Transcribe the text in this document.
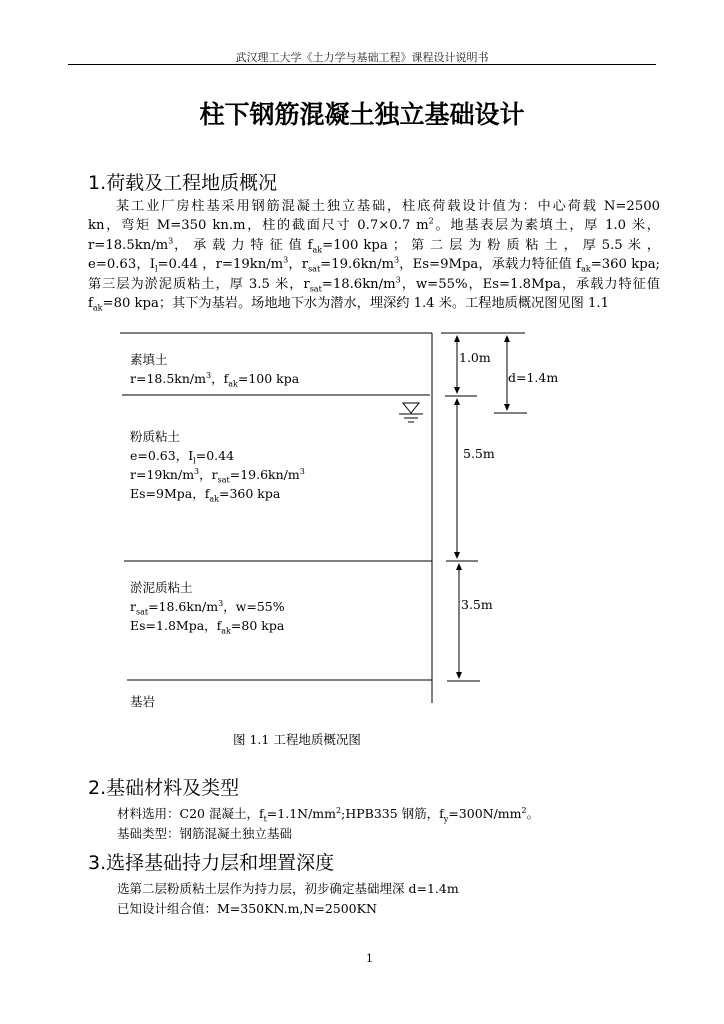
武汉理工大学《土力学与基础工程》课程设计说明书
柱下钢筋混凝土独立基础设计
1.荷载及工程地质概况
某工业厂房柱基采用钢筋混凝土独立基础，柱底荷载设计值为：中心荷载 N=2500
kn，弯矩 M=350 kn.m，柱的截面尺寸 0.7×0.7 $m^2$。地基表层为素填土，厚 1.0 米，
$r=18.5kn/m^3$， 承 载 力 特 征 值 $f_{ak}=100$ kpa ； 第 二 层 为 粉 质 粘 土 ， 厚 5.5 米 ，
e=0.63，$I_l=0.44$ ，$r=19kn/m^3$，$r_{sat}=19.6kn/m^3$，Es=9Mpa，承载力特征值 $f_{ak}=360$ kpa;
第三层为淤泥质粘土，厚 3.5 米，$r_{sat}=18.6kn/m^3$，w=55%，Es=1.8Mpa，承载力特征值
$f_{ak}=80$ kpa；其下为基岩。场地地下水为潜水，埋深约 1.4 米。工程地质概况图见图 1.1
素填土
$r=18.5kn/m^3$，$f_{ak}=100$ kpa
粉质粘土
e=0.63，$I_l=0.44$
$r=19kn/m^3$，$r_{sat}=19.6kn/m^3$
Es=9Mpa，$f_{ak}=360$ kpa
淤泥质粘土
$r_{sat}=18.6kn/m^3$，w=55%
Es=1.8Mpa，$f_{ak}=80$ kpa
基岩
1.0m
d=1.4m
5.5m
3.5m
图 1.1 工程地质概况图
2.基础材料及类型
材料选用：C20 混凝土，$f_t=1.1N/mm^2;HPB335$ 钢筋，$f_y=300N/mm^2$。
基础类型：钢筋混凝土独立基础
3.选择基础持力层和埋置深度
选第二层粉质粘土层作为持力层，初步确定基础埋深 d=1.4m
已知设计组合值：M=350KN.m,N=2500KN
1
